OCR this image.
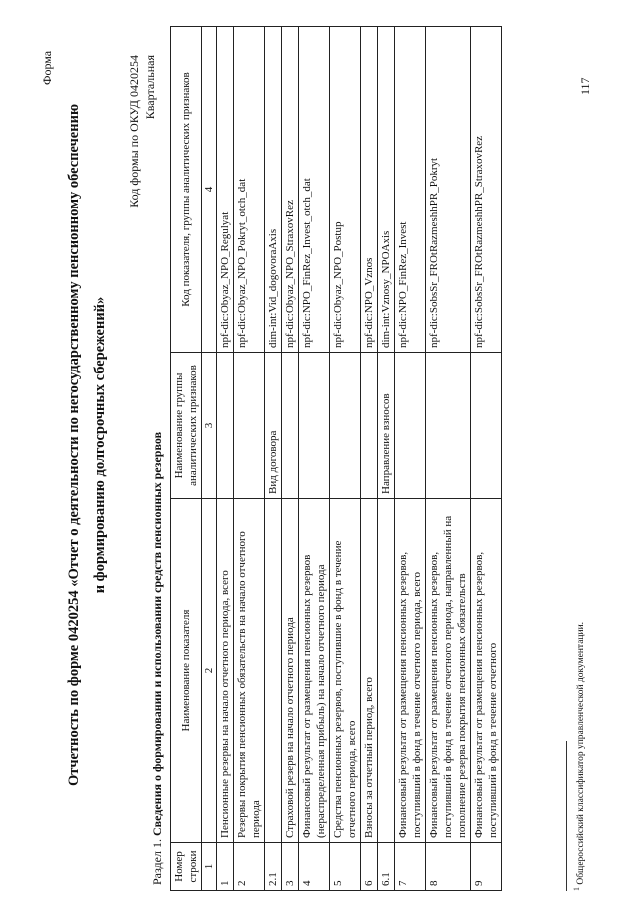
Форма
Отчетность по форме 0420254 «Отчет о деятельности по негосударственному пенсионному обеспечению и формированию долгосрочных сбережений»
Код формы по ОКУД 0420254 Квартальная
Раздел 1. Сведения о формировании и использовании средств пенсионных резервов
Номер строки	Наименование показателя	Наименование группы аналитических признаков	Код показателя, группы аналитических признаков
1	2	3	4
1	Пенсионные резервы на начало отчетного периода, всего		npf-dic:Obyaz_NPO_Regulyat
2	Резервы покрытия пенсионных обязательств на начало отчетного периода		npf-dic:Obyaz_NPO_Pokryt_otch_dat
2.1		Вид договора	dim-int:Vid_dogovoraAxis
3	Страховой резерв на начало отчетного периода		npf-dic:Obyaz_NPO_StraxovRez
4	Финансовый результат от размещения пенсионных резервов (нераспределенная прибыль) на начало отчетного периода		npf-dic:NPO_FinRez_Invest_otch_dat
5	Средства пенсионных резервов, поступившие в фонд в течение отчетного периода, всего		npf-dic:Obyaz_NPO_Postup
6	Взносы за отчетный период, всего		npf-dic:NPO_Vznos
6.1		Направление взносов	dim-int:Vznosy_NPOAxis
7	Финансовый результат от размещения пенсионных резервов, поступивший в фонд в течение отчетного периода, всего		npf-dic:NPO_FinRez_Invest
8	Финансовый результат от размещения пенсионных резервов, поступивший в фонд в течение отчетного периода, направленный на пополнение резерва покрытия пенсионных обязательств		npf-dic:SobsSr_FROtRazmeshhPR_Pokryt
9	Финансовый результат от размещения пенсионных резервов, поступивший в фонд в течение отчетного		npf-dic:SobsSr_FROtRazmeshhPR_StraxovRez
$^1$ Общероссийский классификатор управленческой документации.
117
